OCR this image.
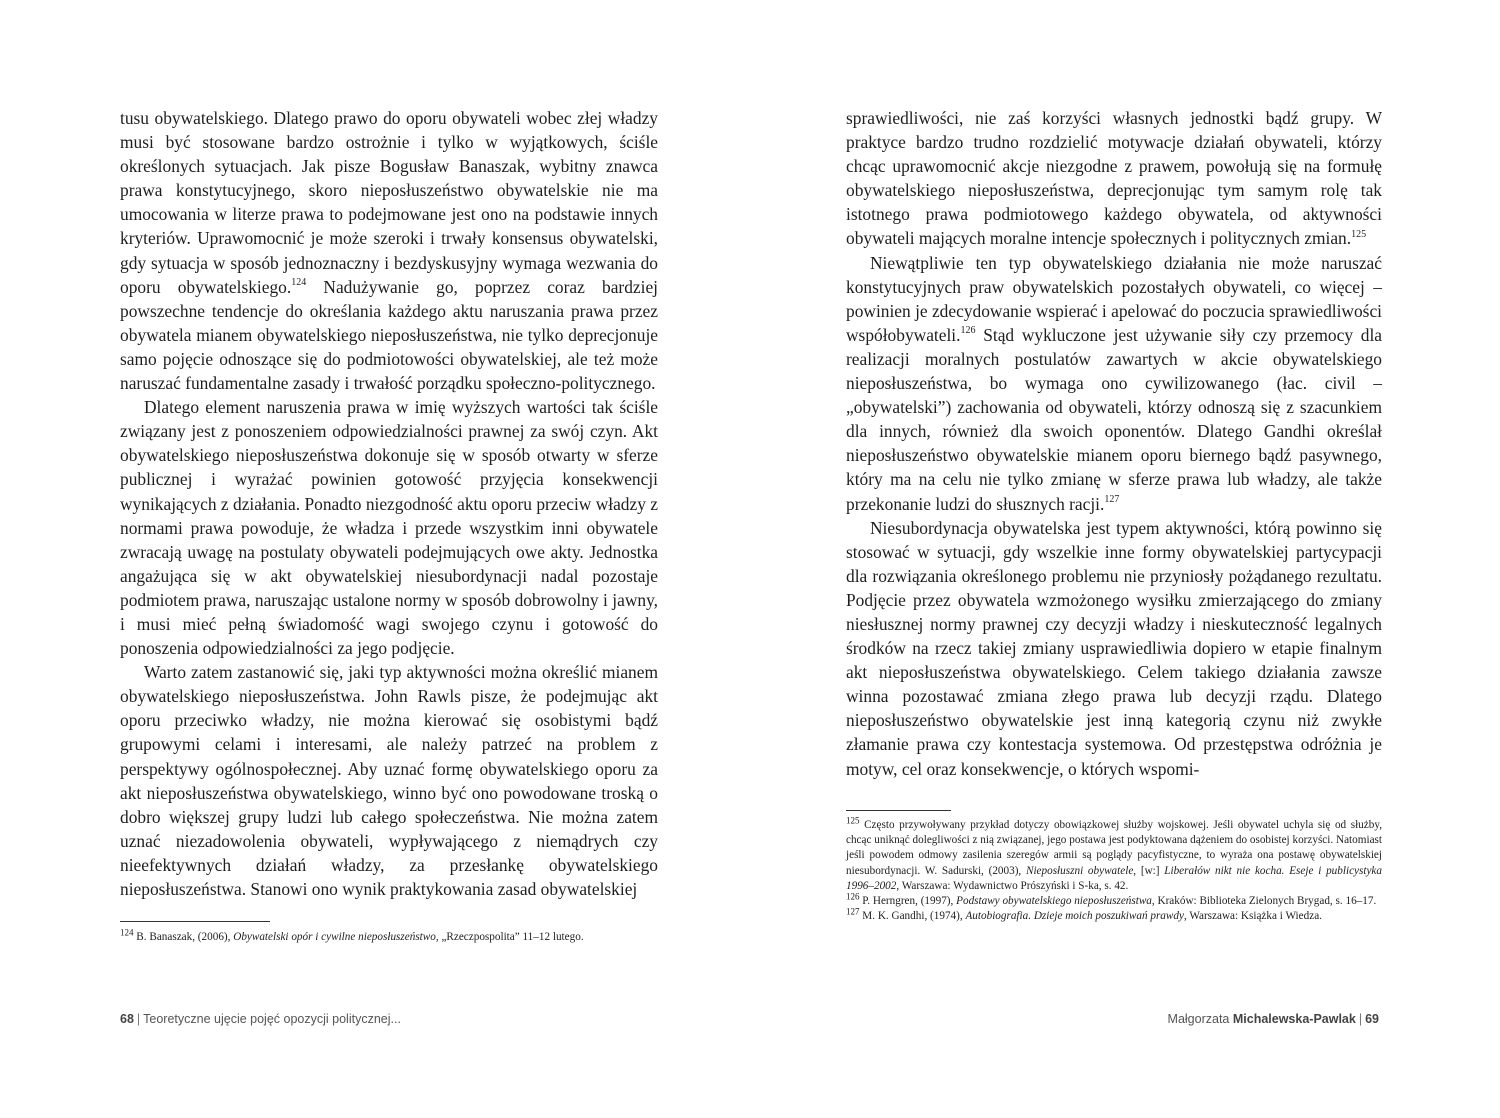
tusu obywatelskiego. Dlatego prawo do oporu obywateli wobec złej władzy musi być stosowane bardzo ostrożnie i tylko w wyjątkowych, ściśle określonych sytuacjach. Jak pisze Bogusław Banaszak, wybitny znawca prawa konstytucyjnego, skoro nieposłuszeństwo obywatelskie nie ma umocowania w literze prawa to podejmowane jest ono na podstawie innych kryteriów. Uprawomocnić je może szeroki i trwały konsensus obywatelski, gdy sytuacja w sposób jednoznaczny i bezdyskusyjny wymaga wezwania do oporu obywatelskiego.$^{124}$ Nadużywanie go, poprzez coraz bardziej powszechne tendencje do określania każdego aktu naruszania prawa przez obywatela mianem obywatelskiego nieposłuszeństwa, nie tylko deprecjonuje samo pojęcie odnoszące się do podmiotowości obywatelskiej, ale też może naruszać fundamentalne zasady i trwałość porządku społeczno-politycznego.

Dlatego element naruszenia prawa w imię wyższych wartości tak ściśle związany jest z ponoszeniem odpowiedzialności prawnej za swój czyn. Akt obywatelskiego nieposłuszeństwa dokonuje się w sposób otwarty w sferze publicznej i wyrażać powinien gotowość przyjęcia konsekwencji wynikających z działania. Ponadto niezgodność aktu oporu przeciw władzy z normami prawa powoduje, że władza i przede wszystkim inni obywatele zwracają uwagę na postulaty obywateli podejmujących owe akty. Jednostka angażująca się w akt obywatelskiej niesubordynacji nadal pozostaje podmiotem prawa, naruszając ustalone normy w sposób dobrowolny i jawny, i musi mieć pełną świadomość wagi swojego czynu i gotowość do ponoszenia odpowiedzialności za jego podjęcie.

Warto zatem zastanowić się, jaki typ aktywności można określić mianem obywatelskiego nieposłuszeństwa. John Rawls pisze, że podejmując akt oporu przeciwko władzy, nie można kierować się osobistymi bądź grupowymi celami i interesami, ale należy patrzeć na problem z perspektywy ogólnospołecznej. Aby uznać formę obywatelskiego oporu za akt nieposłuszeństwa obywatelskiego, winno być ono powodowane troską o dobro większej grupy ludzi lub całego społeczeństwa. Nie można zatem uznać niezadowolenia obywateli, wypływającego z niemądrych czy nieefektywnych działań władzy, za przesłankę obywatelskiego nieposłuszeństwa. Stanowi ono wynik praktykowania zasad obywatelskiej

$^{124}$ B. Banaszak, (2006), Obywatelski opór i cywilne nieposłuszeństwo, „Rzeczpospolita” 11–12 lutego.

68 | Teoretyczne ujęcie pojęć opozycji politycznej...

sprawiedliwości, nie zaś korzyści własnych jednostki bądź grupy. W praktyce bardzo trudno rozdzielić motywacje działań obywateli, którzy chcąc uprawomocnić akcje niezgodne z prawem, powołują się na formułę obywatelskiego nieposłuszeństwa, deprecjonując tym samym rolę tak istotnego prawa podmiotowego każdego obywatela, od aktywności obywateli mających moralne intencje społecznych i politycznych zmian.$^{125}$

Niewątpliwie ten typ obywatelskiego działania nie może naruszać konstytucyjnych praw obywatelskich pozostałych obywateli, co więcej – powinien je zdecydowanie wspierać i apelować do poczucia sprawiedliwości współobywateli.$^{126}$ Stąd wykluczone jest używanie siły czy przemocy dla realizacji moralnych postulatów zawartych w akcie obywatelskiego nieposłuszeństwa, bo wymaga ono cywilizowanego (łac. civil – „obywatelski”) zachowania od obywateli, którzy odnoszą się z szacunkiem dla innych, również dla swoich oponentów. Dlatego Gandhi określał nieposłuszeństwo obywatelskie mianem oporu biernego bądź pasywnego, który ma na celu nie tylko zmianę w sferze prawa lub władzy, ale także przekonanie ludzi do słusznych racji.$^{127}$

Niesubordynacja obywatelska jest typem aktywności, którą powinno się stosować w sytuacji, gdy wszelkie inne formy obywatelskiej partycypacji dla rozwiązania określonego problemu nie przyniosły pożądanego rezultatu. Podjęcie przez obywatela wzmożonego wysiłku zmierzającego do zmiany niesłusznej normy prawnej czy decyzji władzy i nieskuteczność legalnych środków na rzecz takiej zmiany usprawiedliwia dopiero w etapie finalnym akt nieposłuszeństwa obywatelskiego. Celem takiego działania zawsze winna pozostawać zmiana złego prawa lub decyzji rządu. Dlatego nieposłuszeństwo obywatelskie jest inną kategorią czynu niż zwykłe złamanie prawa czy kontestacja systemowa. Od przestępstwa odróżnia je motyw, cel oraz konsekwencje, o których wspomi-

$^{125}$ Często przywoływany przykład dotyczy obowiązkowej służby wojskowej. Jeśli obywatel uchyla się od służby, chcąc uniknąć dolegliwości z nią związanej, jego postawa jest podyktowana dążeniem do osobistej korzyści. Natomiast jeśli powodem odmowy zasilenia szeregów armii są poglądy pacyfistyczne, to wyraża ona postawę obywatelskiej niesubordynacji. W. Sadurski, (2003), Nieposłuszni obywatele, [w:] Liberałów nikt nie kocha. Eseje i publicystyka 1996–2002, Warszawa: Wydawnictwo Prószyński i S-ka, s. 42.

$^{126}$ P. Herngren, (1997), Podstawy obywatelskiego nieposłuszeństwa, Kraków: Biblioteka Zielonych Brygad, s. 16–17.

$^{127}$ M. K. Gandhi, (1974), Autobiografia. Dzieje moich poszukiwań prawdy, Warszawa: Książka i Wiedza.

Małgorzata Michalewska-Pawlak | 69
